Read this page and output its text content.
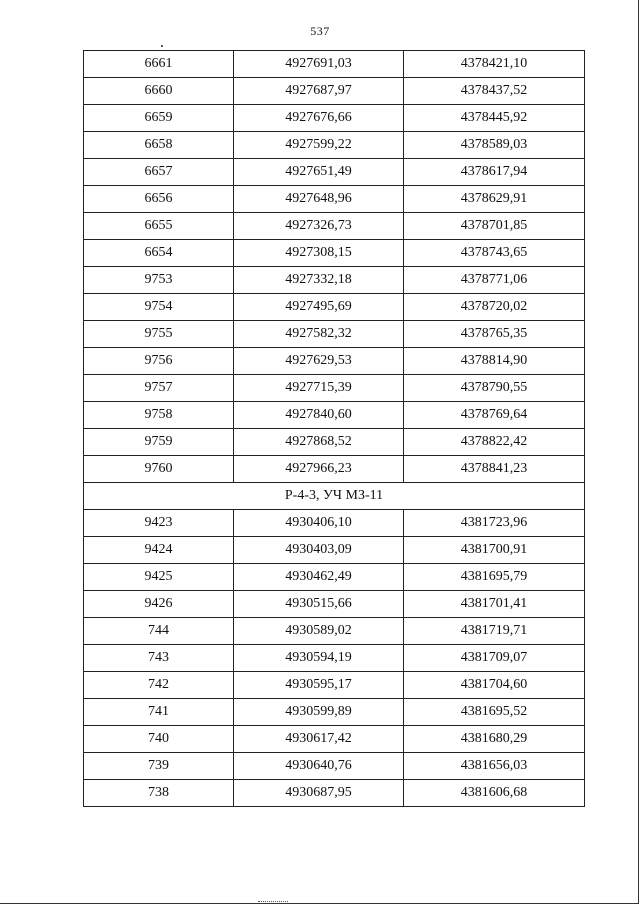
537
6661	4927691,03	4378421,10
6660	4927687,97	4378437,52
6659	4927676,66	4378445,92
6658	4927599,22	4378589,03
6657	4927651,49	4378617,94
6656	4927648,96	4378629,91
6655	4927326,73	4378701,85
6654	4927308,15	4378743,65
9753	4927332,18	4378771,06
9754	4927495,69	4378720,02
9755	4927582,32	4378765,35
9756	4927629,53	4378814,90
9757	4927715,39	4378790,55
9758	4927840,60	4378769,64
9759	4927868,52	4378822,42
9760	4927966,23	4378841,23
Р-4-3, УЧ МЗ-11		
9423	4930406,10	4381723,96
9424	4930403,09	4381700,91
9425	4930462,49	4381695,79
9426	4930515,66	4381701,41
744	4930589,02	4381719,71
743	4930594,19	4381709,07
742	4930595,17	4381704,60
741	4930599,89	4381695,52
740	4930617,42	4381680,29
739	4930640,76	4381656,03
738	4930687,95	4381606,68
